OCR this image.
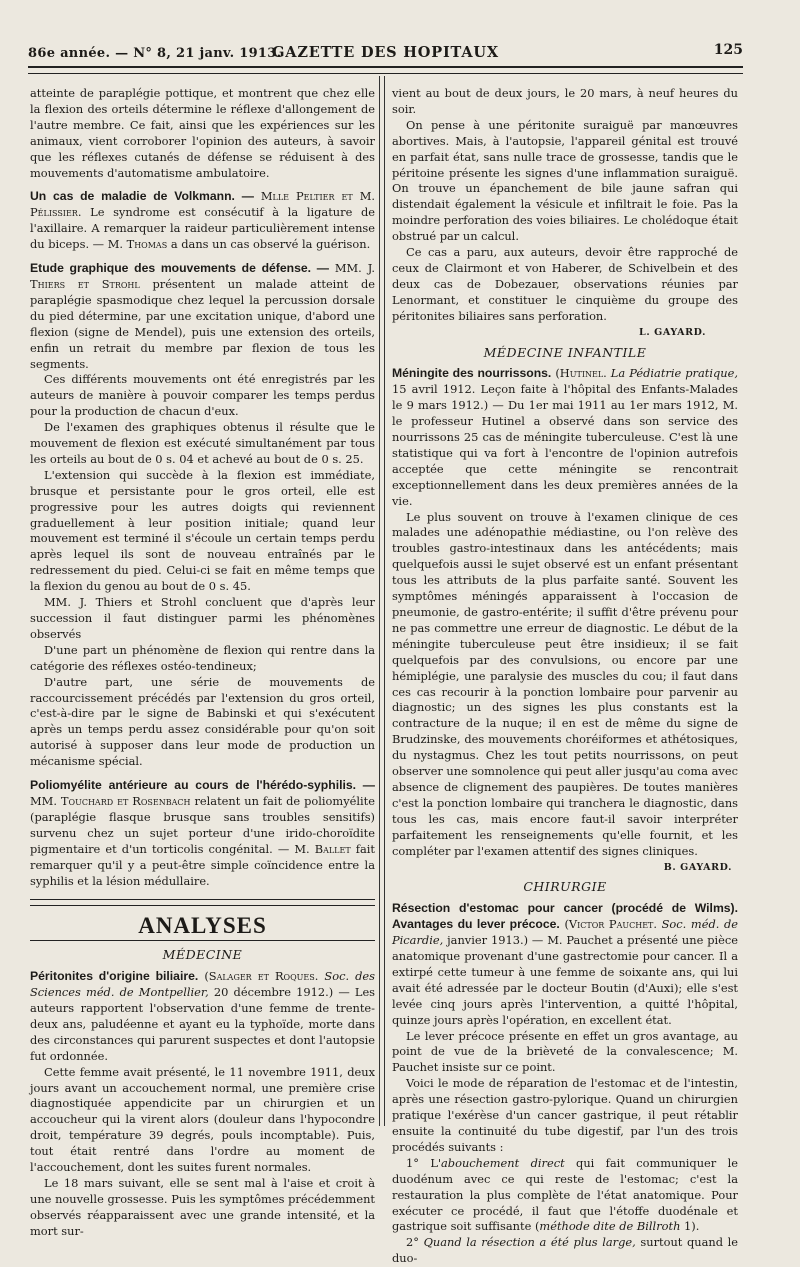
86e année. — N° 8, 21 janv. 1913.
GAZETTE DES HOPITAUX	125

atteinte de paraplégie pottique, et montrent que chez elle la flexion des orteils détermine le réflexe d'allongement de l'autre membre. Ce fait, ainsi que les expériences sur les animaux, vient corroborer l'opinion des auteurs, à savoir que les réflexes cutanés de défense se réduisent à des mouvements d'automatisme ambulatoire.

Un cas de maladie de Volkmann. — Mlle Peltier et M. Pélissier. Le syndrome est consécutif à la ligature de l'axillaire. A remarquer la raideur particulièrement intense du biceps. — M. Thomas a dans un cas observé la guérison.

Etude graphique des mouvements de défense. — MM. J. Thiers et Strohl présentent un malade atteint de paraplégie spasmodique chez lequel la percussion dorsale du pied détermine, par une excitation unique, d'abord une flexion (signe de Mendel), puis une extension des orteils, enfin un retrait du membre par flexion de tous les segments.

Ces différents mouvements ont été enregistrés par les auteurs de manière à pouvoir comparer les temps perdus pour la production de chacun d'eux.

De l'examen des graphiques obtenus il résulte que le mouvement de flexion est exécuté simultanément par tous les orteils au bout de 0 s. 04 et achevé au bout de 0 s. 25.

L'extension qui succède à la flexion est immédiate, brusque et persistante pour le gros orteil, elle est progressive pour les autres doigts qui reviennent graduellement à leur position initiale; quand leur mouvement est terminé il s'écoule un certain temps perdu après lequel ils sont de nouveau entraînés par le redressement du pied. Celui-ci se fait en même temps que la flexion du genou au bout de 0 s. 45.

MM. J. Thiers et Strohl concluent que d'après leur succession il faut distinguer parmi les phénomènes observés

D'une part un phénomène de flexion qui rentre dans la catégorie des réflexes ostéo-tendineux;

D'autre part, une série de mouvements de raccourcissement précédés par l'extension du gros orteil, c'est-à-dire par le signe de Babinski et qui s'exécutent après un temps perdu assez considérable pour qu'on soit autorisé à supposer dans leur mode de production un mécanisme spécial.

Poliomyélite antérieure au cours de l'hérédo-syphilis. — MM. Touchard et Rosenbach relatent un fait de poliomyélite (paraplégie flasque brusque sans troubles sensitifs) survenu chez un sujet porteur d'une irido-choroïdite pigmentaire et d'un torticolis congénital. — M. Ballet fait remarquer qu'il y a peut-être simple coïncidence entre la syphilis et la lésion médullaire.

ANALYSES

MÉDECINE

Péritonites d'origine biliaire. (Salager et Roques. Soc. des Sciences méd. de Montpellier, 20 décembre 1912.) — Les auteurs rapportent l'observation d'une femme de trente-deux ans, paludéenne et ayant eu la typhoïde, morte dans des circonstances qui parurent suspectes et dont l'autopsie fut ordonnée.

Cette femme avait présenté, le 11 novembre 1911, deux jours avant un accouchement normal, une première crise diagnostiquée appendicite par un chirurgien et un accoucheur qui la virent alors (douleur dans l'hypocondre droit, température 39 degrés, pouls incomptable). Puis, tout était rentré dans l'ordre au moment de l'accouchement, dont les suites furent normales.

Le 18 mars suivant, elle se sent mal à l'aise et croit à une nouvelle grossesse. Puis les symptômes précédemment observés réapparaissent avec une grande intensité, et la mort sur-

vient au bout de deux jours, le 20 mars, à neuf heures du soir.

On pense à une péritonite suraiguë par manœuvres abortives. Mais, à l'autopsie, l'appareil génital est trouvé en parfait état, sans nulle trace de grossesse, tandis que le péritoine présente les signes d'une inflammation suraiguë. On trouve un épanchement de bile jaune safran qui distendait également la vésicule et infiltrait le foie. Pas la moindre perforation des voies biliaires. Le cholédoque était obstrué par un calcul.

Ce cas a paru, aux auteurs, devoir être rapproché de ceux de Clairmont et von Haberer, de Schivelbein et des deux cas de Dobezauer, observations réunies par Lenormant, et constituer le cinquième du groupe des péritonites biliaires sans perforation.

L. GAYARD.

MÉDECINE INFANTILE

Méningite des nourrissons. (Hutinel. La Pédiatrie pratique, 15 avril 1912. Leçon faite à l'hôpital des Enfants-Malades le 9 mars 1912.) — Du 1er mai 1911 au 1er mars 1912, M. le professeur Hutinel a observé dans son service des nourrissons 25 cas de méningite tuberculeuse. C'est là une statistique qui va fort à l'encontre de l'opinion autrefois acceptée que cette méningite se rencontrait exceptionnellement dans les deux premières années de la vie.

Le plus souvent on trouve à l'examen clinique de ces malades une adénopathie médiastine, ou l'on relève des troubles gastro-intestinaux dans les antécédents; mais quelquefois aussi le sujet observé est un enfant présentant tous les attributs de la plus parfaite santé. Souvent les symptômes méningés apparaissent à l'occasion de pneumonie, de gastro-entérite; il suffit d'être prévenu pour ne pas commettre une erreur de diagnostic. Le début de la méningite tuberculeuse peut être insidieux; il se fait quelquefois par des convulsions, ou encore par une hémiplégie, une paralysie des muscles du cou; il faut dans ces cas recourir à la ponction lombaire pour parvenir au diagnostic; un des signes les plus constants est la contracture de la nuque; il en est de même du signe de Brudzinske, des mouvements choréiformes et athétosiques, du nystagmus. Chez les tout petits nourrissons, on peut observer une somnolence qui peut aller jusqu'au coma avec absence de clignement des paupières. De toutes manières c'est la ponction lombaire qui tranchera le diagnostic, dans tous les cas, mais encore faut-il savoir interpréter parfaitement les renseignements qu'elle fournit, et les compléter par l'examen attentif des signes cliniques.

B. GAYARD.

CHIRURGIE

Résection d'estomac pour cancer (procédé de Wilms). Avantages du lever précoce. (Victor Pauchet. Soc. méd. de Picardie, janvier 1913.) — M. Pauchet a présenté une pièce anatomique provenant d'une gastrectomie pour cancer. Il a extirpé cette tumeur à une femme de soixante ans, qui lui avait été adressée par le docteur Boutin (d'Auxi); elle s'est levée cinq jours après l'intervention, a quitté l'hôpital, quinze jours après l'opération, en excellent état.

Le lever précoce présente en effet un gros avantage, au point de vue de la brièveté de la convalescence; M. Pauchet insiste sur ce point.

Voici le mode de réparation de l'estomac et de l'intestin, après une résection gastro-pylorique. Quand un chirurgien pratique l'exérèse d'un cancer gastrique, il peut rétablir ensuite la continuité du tube digestif, par l'un des trois procédés suivants :

1° L'abouchement direct qui fait communiquer le duodénum avec ce qui reste de l'estomac; c'est la restauration la plus complète de l'état anatomique. Pour exécuter ce procédé, il faut que l'étoffe duodénale et gastrique soit suffisante (méthode dite de Billroth 1).

2° Quand la résection a été plus large, surtout quand le duo-
